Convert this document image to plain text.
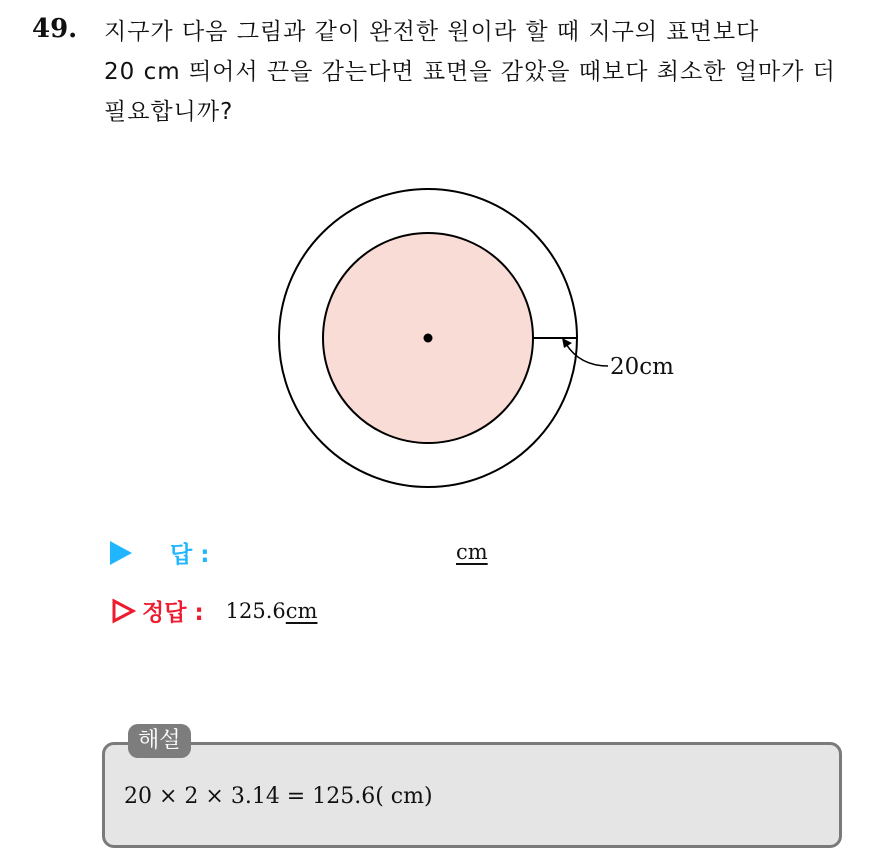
49. 지구가 다음 그림과 같이 완전한 원이라 할 때 지구의 표면보다
20 cm 띄어서 끈을 감는다면 표면을 감았을 때보다 최소한 얼마가 더
필요합니까?
20cm
답 :	cm
정답 : 125.6cm
해설
20 × 2 × 3.14 = 125.6( cm)
